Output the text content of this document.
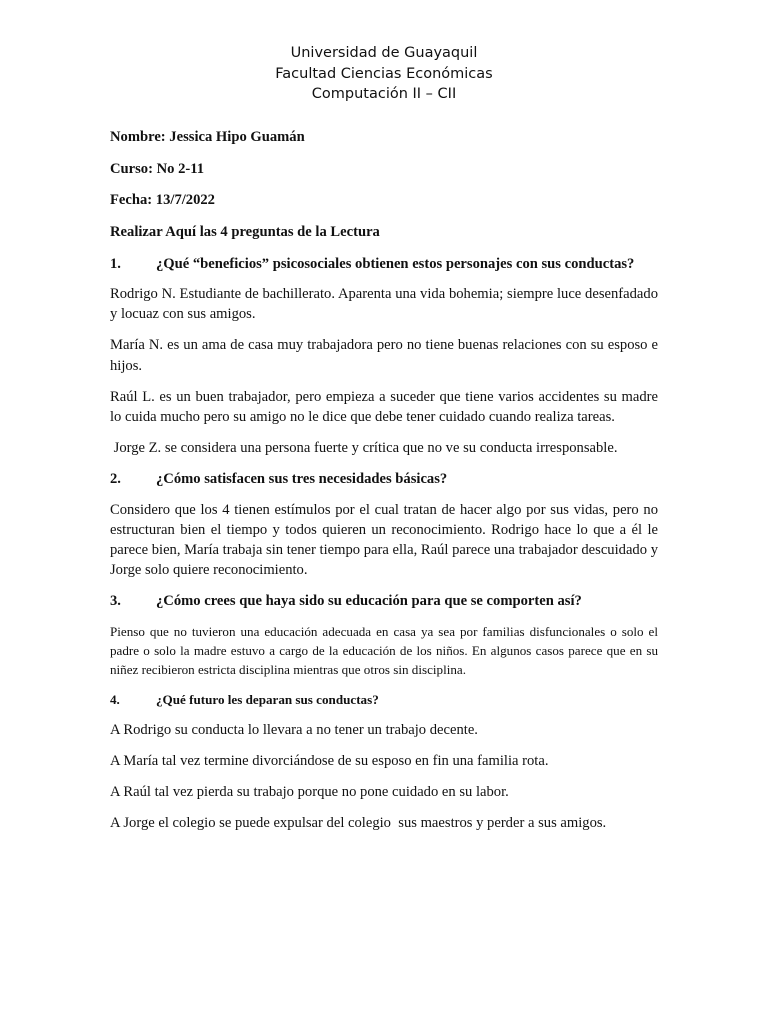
Universidad de Guayaquil
Facultad Ciencias Económicas
Computación II – CII

Nombre: Jessica Hipo Guamán

Curso: No 2-11

Fecha: 13/7/2022

Realizar Aquí las 4 preguntas de la Lectura

1. ¿Qué “beneficios” psicosociales obtienen estos personajes con sus conductas?

Rodrigo N. Estudiante de bachillerato. Aparenta una vida bohemia; siempre luce desenfadado y locuaz con sus amigos.

María N. es un ama de casa muy trabajadora pero no tiene buenas relaciones con su esposo e hijos.

Raúl L. es un buen trabajador, pero empieza a suceder que tiene varios accidentes su madre lo cuida mucho pero su amigo no le dice que debe tener cuidado cuando realiza tareas.

Jorge Z. se considera una persona fuerte y crítica que no ve su conducta irresponsable.

2.	¿Cómo satisfacen sus tres necesidades básicas?

Considero que los 4 tienen estímulos por el cual tratan de hacer algo por sus vidas, pero no estructuran bien el tiempo y todos quieren un reconocimiento. Rodrigo hace lo que a él le parece bien, María trabaja sin tener tiempo para ella, Raúl parece una trabajador descuidado y Jorge solo quiere reconocimiento.

3.	¿Cómo crees que haya sido su educación para que se comporten así?

Pienso que no tuvieron una educación adecuada en casa ya sea por familias disfuncionales o solo el padre o solo la madre estuvo a cargo de la educación de los niños. En algunos casos parece que en su niñez recibieron estricta disciplina mientras que otros sin disciplina.

4.	¿Qué futuro les deparan sus conductas?

A Rodrigo su conducta lo llevara a no tener un trabajo decente.

A María tal vez termine divorciándose de su esposo en fin una familia rota.

A Raúl tal vez pierda su trabajo porque no pone cuidado en su labor.

A Jorge el colegio se puede expulsar del colegio  sus maestros y perder a sus amigos.
